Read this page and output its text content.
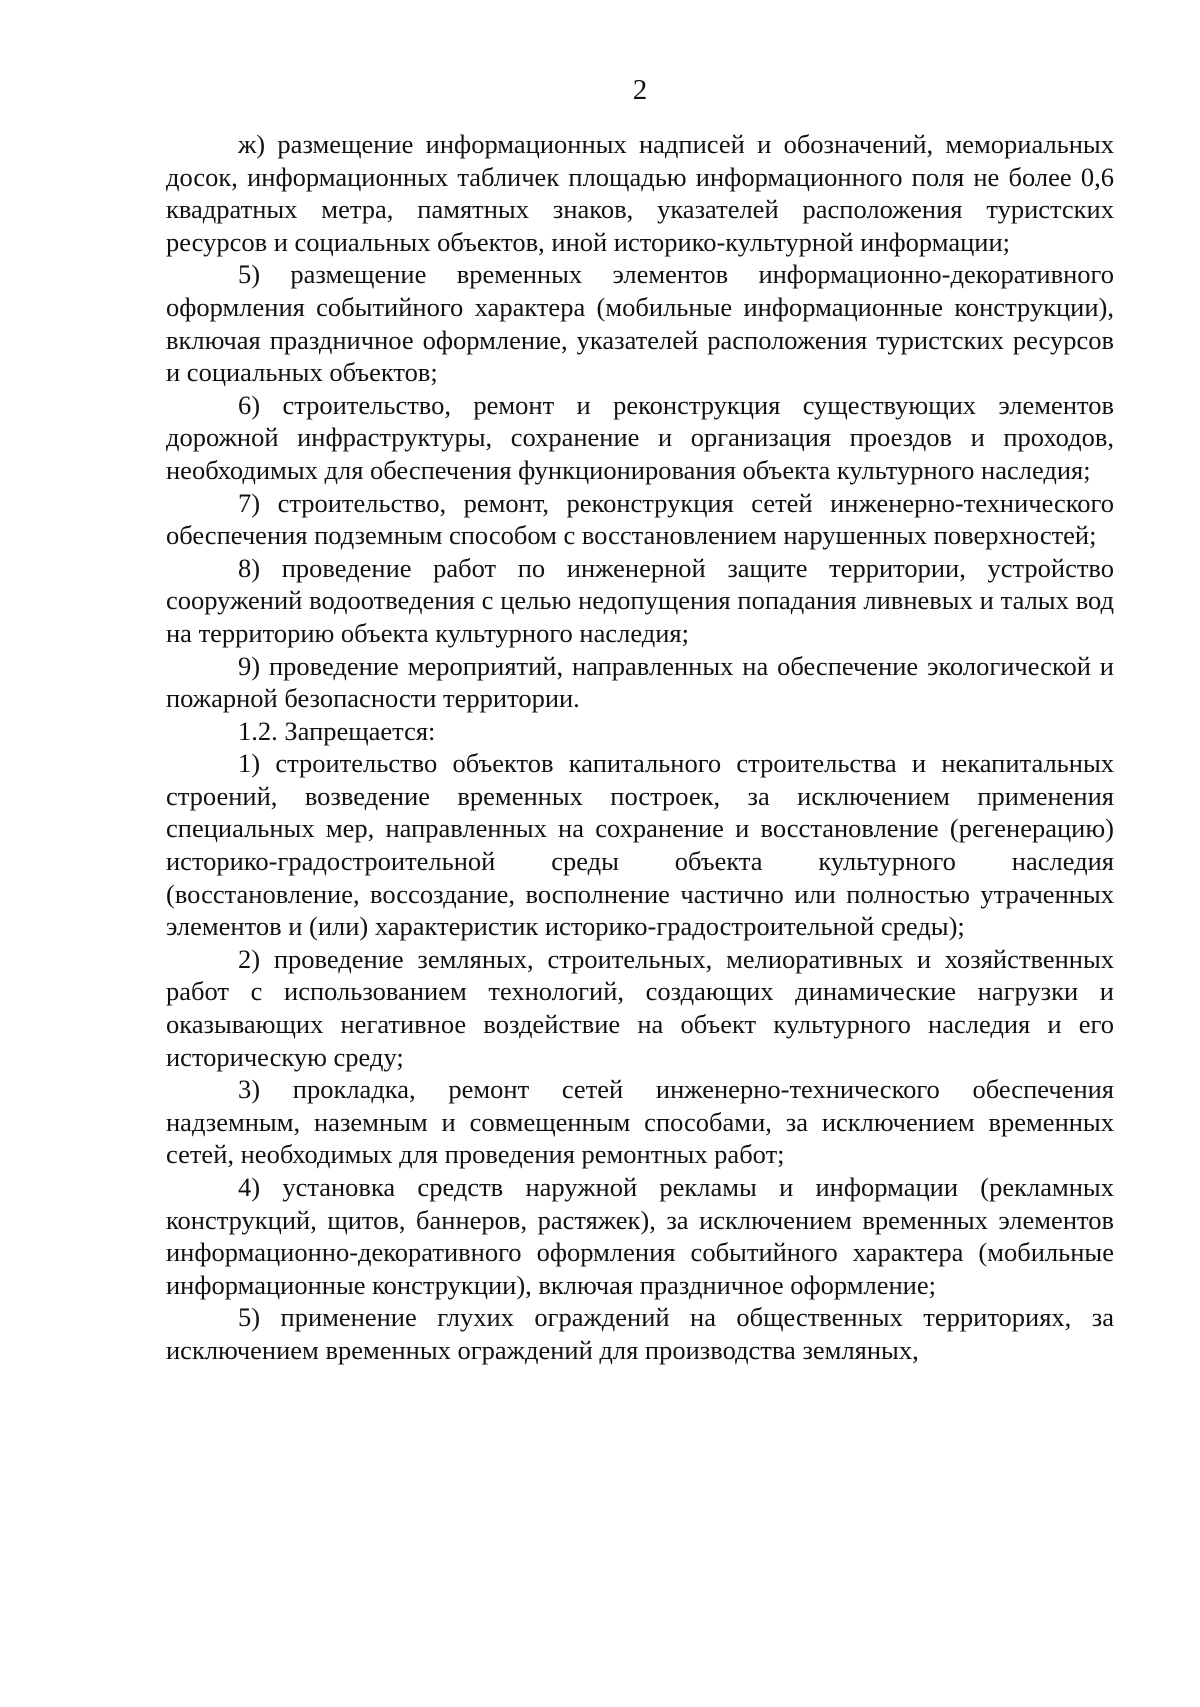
2

ж) размещение информационных надписей и обозначений, мемориальных досок, информационных табличек площадью информационного поля не более 0,6 квадратных метра, памятных знаков, указателей расположения туристских ресурсов и социальных объектов, иной историко-культурной информации;

5) размещение временных элементов информационно-декоративного оформления событийного характера (мобильные информационные конструкции), включая праздничное оформление, указателей расположения туристских ресурсов и социальных объектов;

6) строительство, ремонт и реконструкция существующих элементов дорожной инфраструктуры, сохранение и организация проездов и проходов, необходимых для обеспечения функционирования объекта культурного наследия;

7) строительство, ремонт, реконструкция сетей инженерно-технического обеспечения подземным способом с восстановлением нарушенных поверхностей;

8) проведение работ по инженерной защите территории, устройство сооружений водоотведения с целью недопущения попадания ливневых и талых вод на территорию объекта культурного наследия;

9) проведение мероприятий, направленных на обеспечение экологической и пожарной безопасности территории.

1.2. Запрещается:

1) строительство объектов капитального строительства и некапитальных строений, возведение временных построек, за исключением применения специальных мер, направленных на сохранение и восстановление (регенерацию) историко-градостроительной среды объекта культурного наследия (восстановление, воссоздание, восполнение частично или полностью утраченных элементов и (или) характеристик историко-градостроительной среды);

2) проведение земляных, строительных, мелиоративных и хозяйственных работ с использованием технологий, создающих динамические нагрузки и оказывающих негативное воздействие на объект культурного наследия и его историческую среду;

3) прокладка, ремонт сетей инженерно-технического обеспечения надземным, наземным и совмещенным способами, за исключением временных сетей, необходимых для проведения ремонтных работ;

4) установка средств наружной рекламы и информации (рекламных конструкций, щитов, баннеров, растяжек), за исключением временных элементов информационно-декоративного оформления событийного характера (мобильные информационные конструкции), включая праздничное оформление;

5) применение глухих ограждений на общественных территориях, за исключением временных ограждений для производства земляных,
